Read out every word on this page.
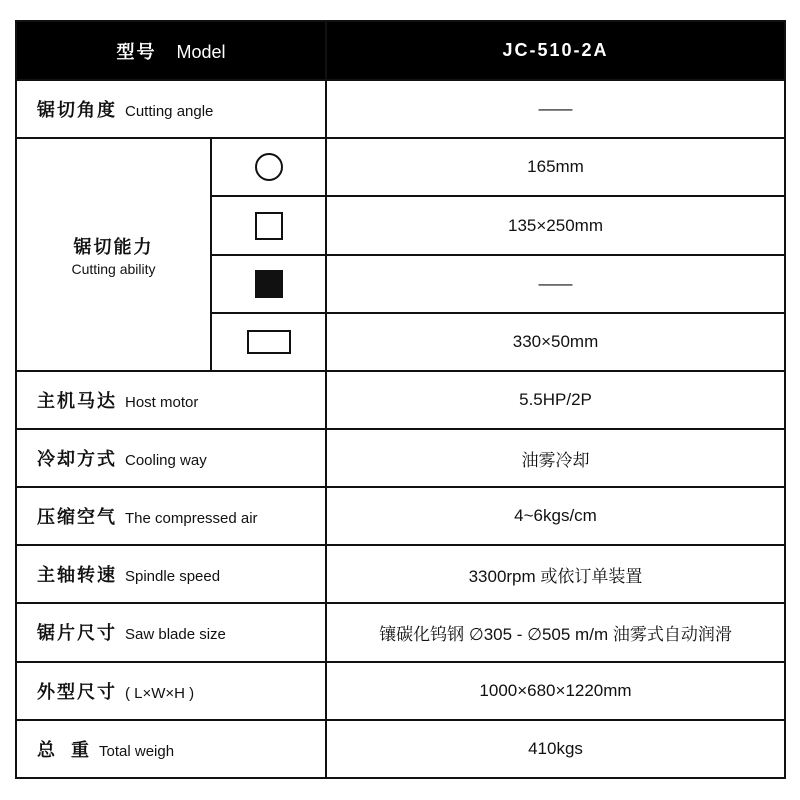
型号 Model		JC-510-2A
锯切角度 Cutting angle		——

锯切能力
Cutting ability		165mm
		135×250mm
		——
		330×50mm
主机马达 Host motor		5.5HP/2P
冷却方式 Cooling way		油雾冷却
压缩空气 The compressed air		4~6kgs/cm
主轴转速 Spindle speed		3300rpm 或依订单装置
锯片尺寸 Saw blade size		镶碳化钨钢 ∅305 - ∅505 m/m 油雾式自动润滑
外型尺寸 ( L×W×H )		1000×680×1220mm
总  重 Total weigh		410kgs
